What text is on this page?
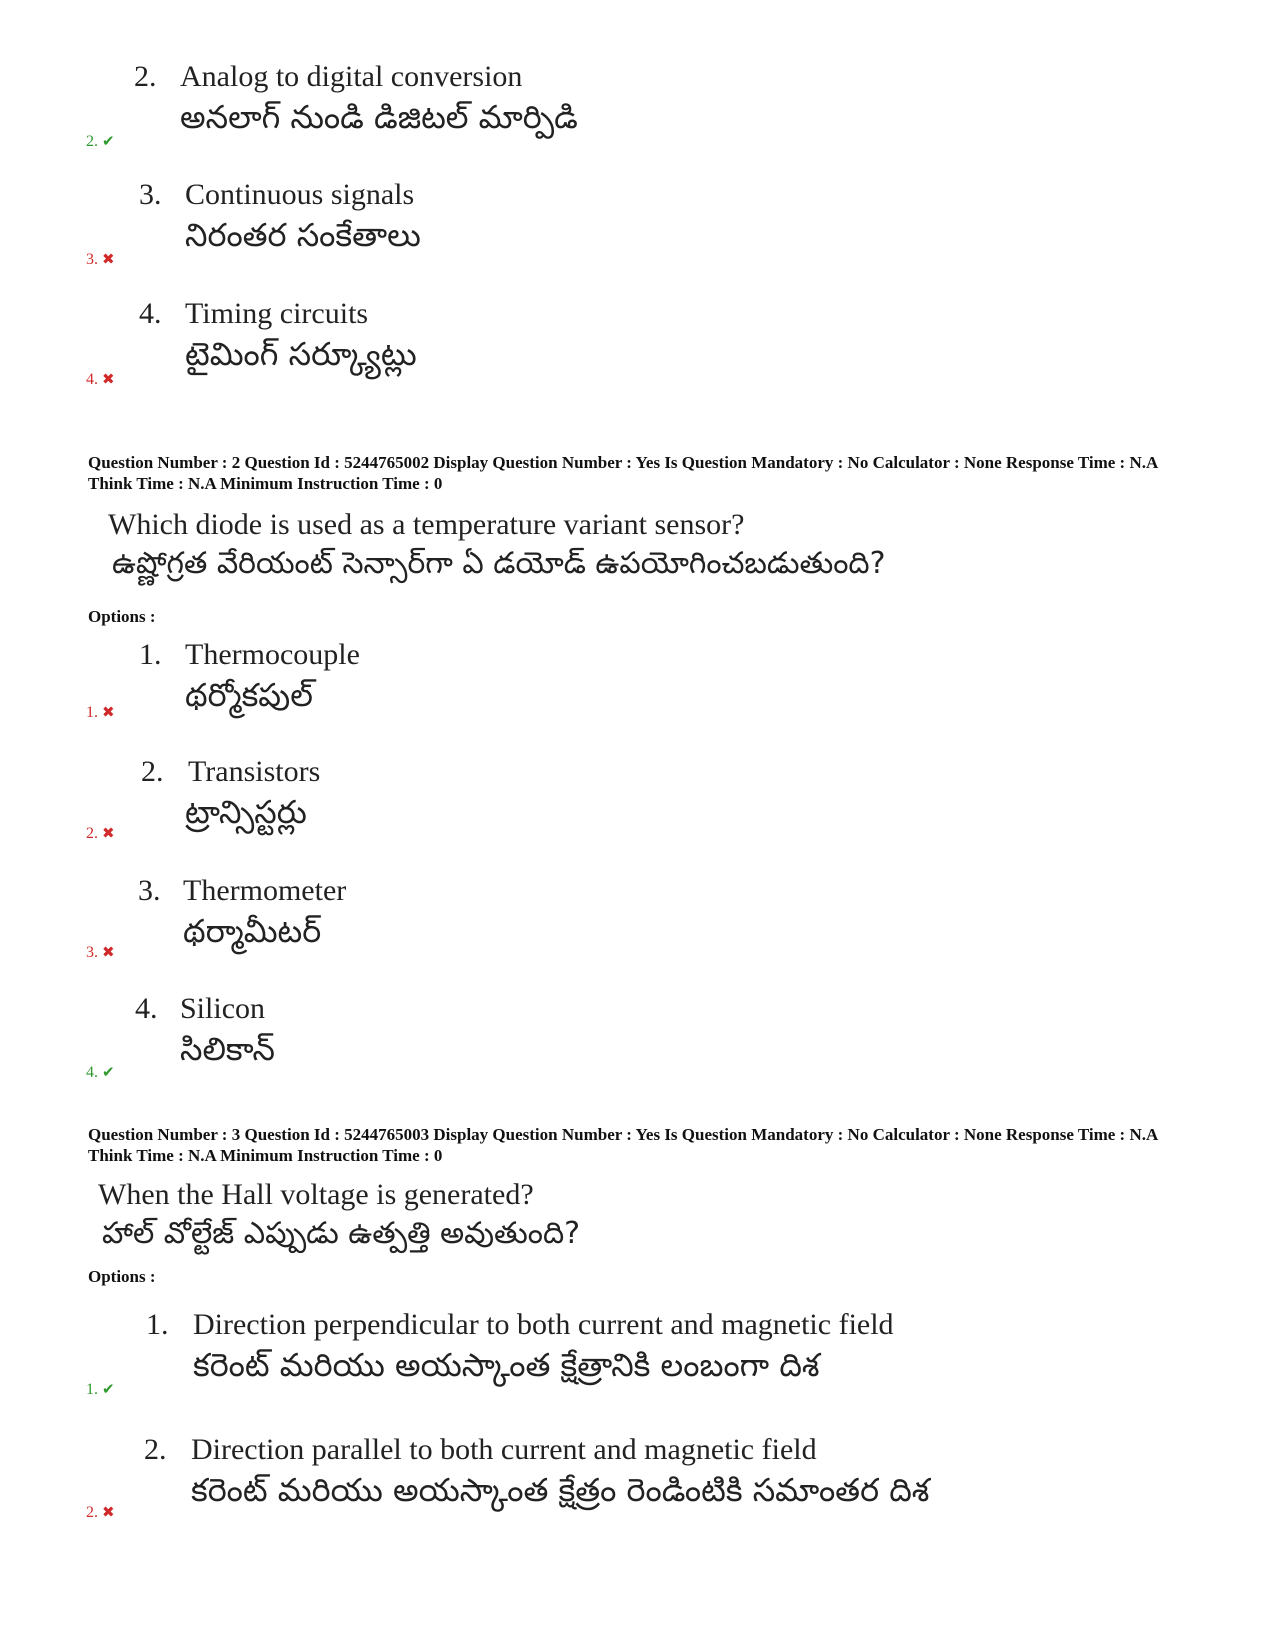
2. Analog to digital conversion
అనలాగ్ నుండి డిజిటల్ మార్పిడి
2. ✔
3. Continuous signals
నిరంతర సంకేతాలు
3. ✖
4. Timing circuits
టైమింగ్ సర్క్యూట్లు
4. ✖
Question Number : 2 Question Id : 5244765002 Display Question Number : Yes Is Question Mandatory : No Calculator : None Response Time : N.A Think Time : N.A Minimum Instruction Time : 0
Which diode is used as a temperature variant sensor?
ఉష్ణోగ్రత వేరియంట్ సెన్సార్‌గా ఏ డయోడ్ ఉపయోగించబడుతుంది?
Options :
1. Thermocouple
థర్మోకపుల్
1. ✖
2. Transistors
ట్రాన్సిస్టర్లు
2. ✖
3. Thermometer
థర్మామీటర్
3. ✖
4. Silicon
సిలికాన్
4. ✔
Question Number : 3 Question Id : 5244765003 Display Question Number : Yes Is Question Mandatory : No Calculator : None Response Time : N.A Think Time : N.A Minimum Instruction Time : 0
When the Hall voltage is generated?
హాల్ వోల్టేజ్ ఎప్పుడు ఉత్పత్తి అవుతుంది?
Options :
1. Direction perpendicular to both current and magnetic field
కరెంట్ మరియు అయస్కాంత క్షేత్రానికి లంబంగా దిశ
1. ✔
2. Direction parallel to both current and magnetic field
కరెంట్ మరియు అయస్కాంత క్షేత్రం రెండింటికి సమాంతర దిశ
2. ✖
